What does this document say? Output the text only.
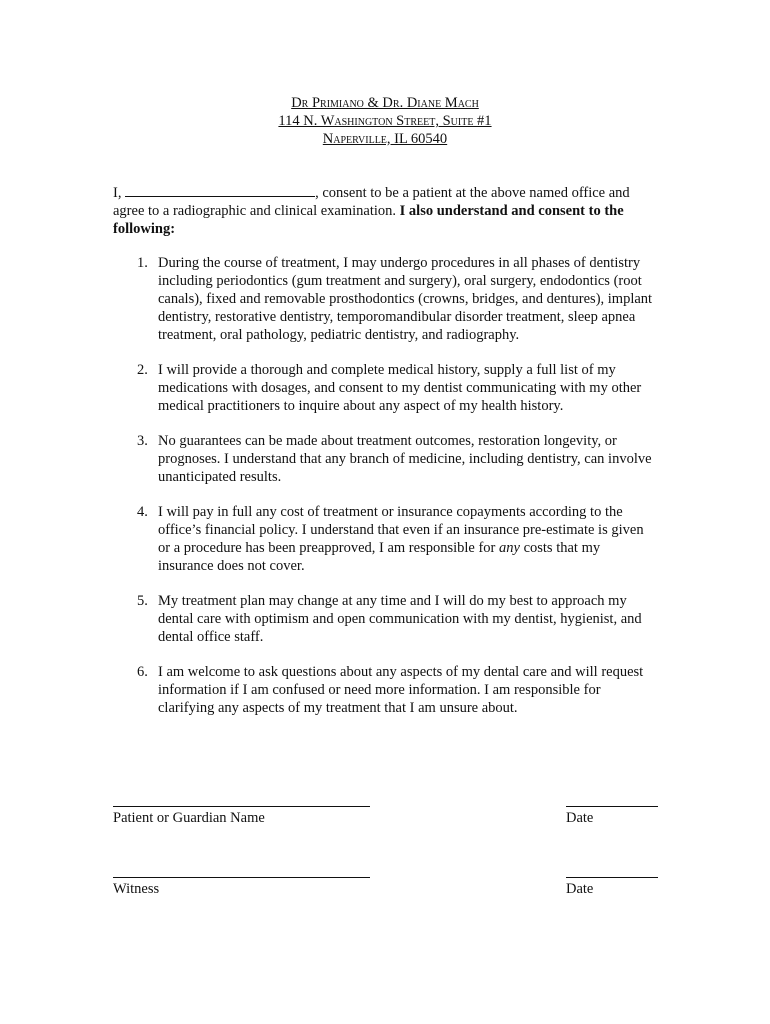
Dr Primiano & Dr. Diane Mach
114 N. Washington Street, Suite #1
Naperville, IL 60540
I,	, consent to be a patient at the above named office and agree to a radiographic and clinical examination. I also understand and consent to the following:
1. During the course of treatment, I may undergo procedures in all phases of dentistry including periodontics (gum treatment and surgery), oral surgery, endodontics (root canals), fixed and removable prosthodontics (crowns, bridges, and dentures), implant dentistry, restorative dentistry, temporomandibular disorder treatment, sleep apnea treatment, oral pathology, pediatric dentistry, and radiography.
2. I will provide a thorough and complete medical history, supply a full list of my medications with dosages, and consent to my dentist communicating with my other medical practitioners to inquire about any aspect of my health history.
3. No guarantees can be made about treatment outcomes, restoration longevity, or prognoses. I understand that any branch of medicine, including dentistry, can involve unanticipated results.
4. I will pay in full any cost of treatment or insurance copayments according to the office’s financial policy. I understand that even if an insurance pre-estimate is given or a procedure has been preapproved, I am responsible for any costs that my insurance does not cover.
5. My treatment plan may change at any time and I will do my best to approach my dental care with optimism and open communication with my dentist, hygienist, and dental office staff.
6. I am welcome to ask questions about any aspects of my dental care and will request information if I am confused or need more information. I am responsible for clarifying any aspects of my treatment that I am unsure about.
Patient or Guardian Name	Date
Witness	Date
